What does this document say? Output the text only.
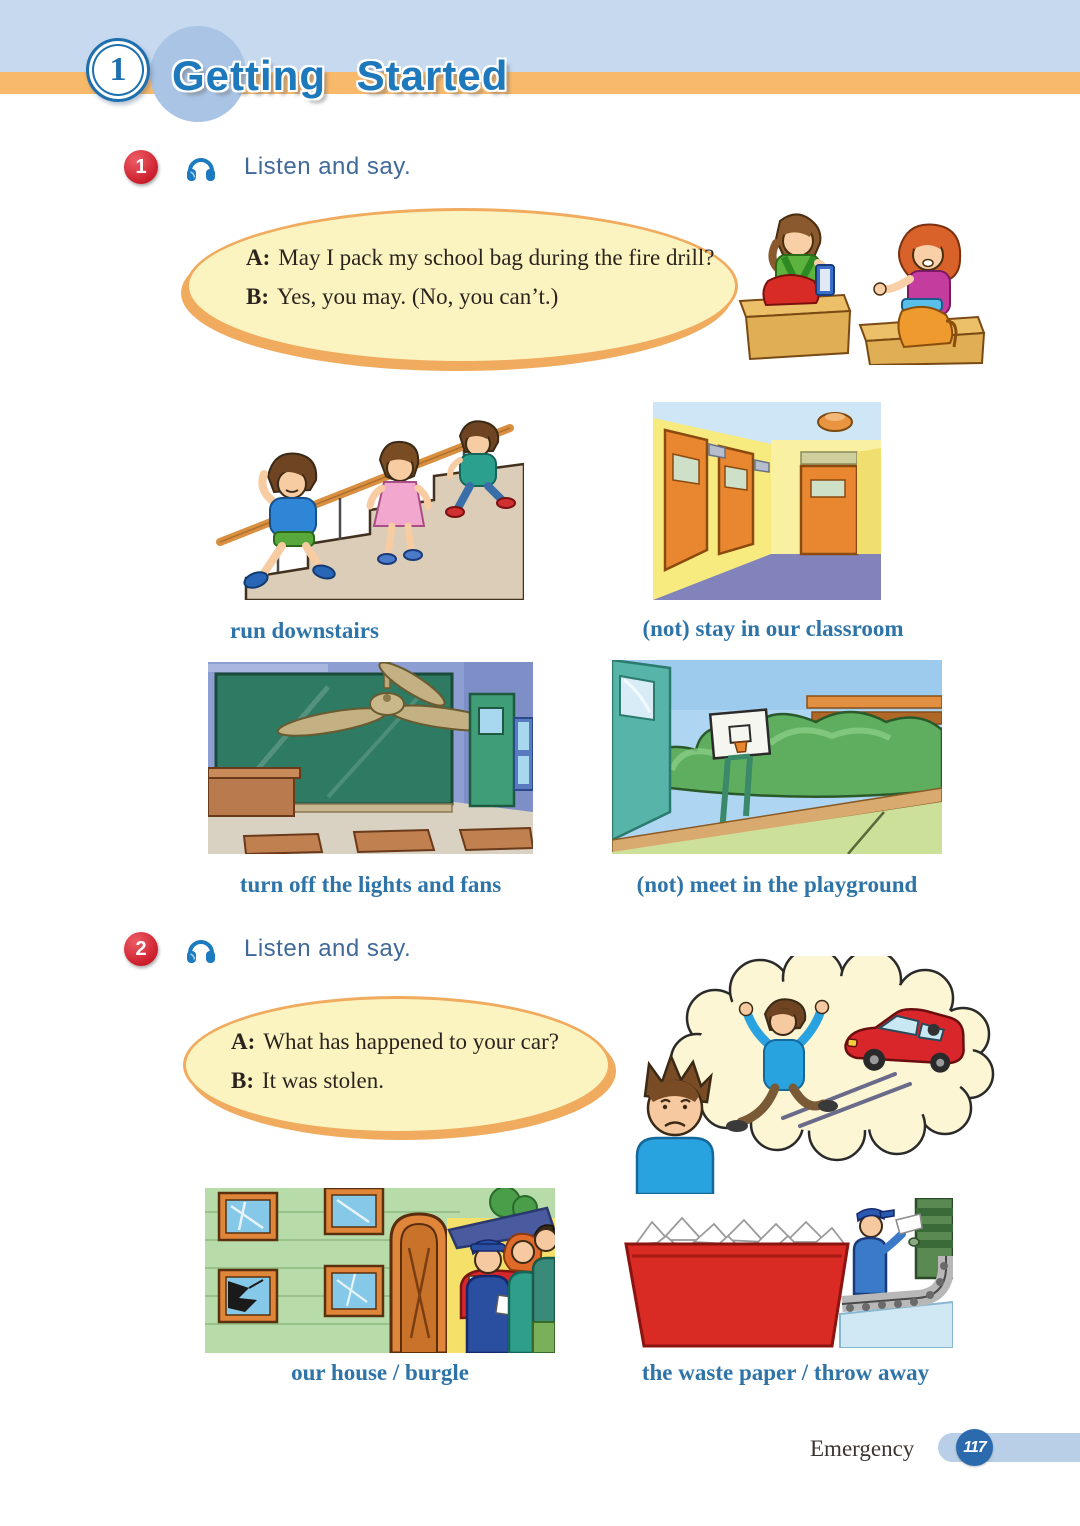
1 Getting Started
1	Listen and say.
A: May I pack my school bag during the fire drill?
B: Yes, you may. (No, you can’t.)
run downstairs	(not) stay in our classroom
turn off the lights and fans	(not) meet in the playground
2	Listen and say.
A: What has happened to your car?
B: It was stolen.
our house / burgle	the waste paper / throw away
Emergency	117
